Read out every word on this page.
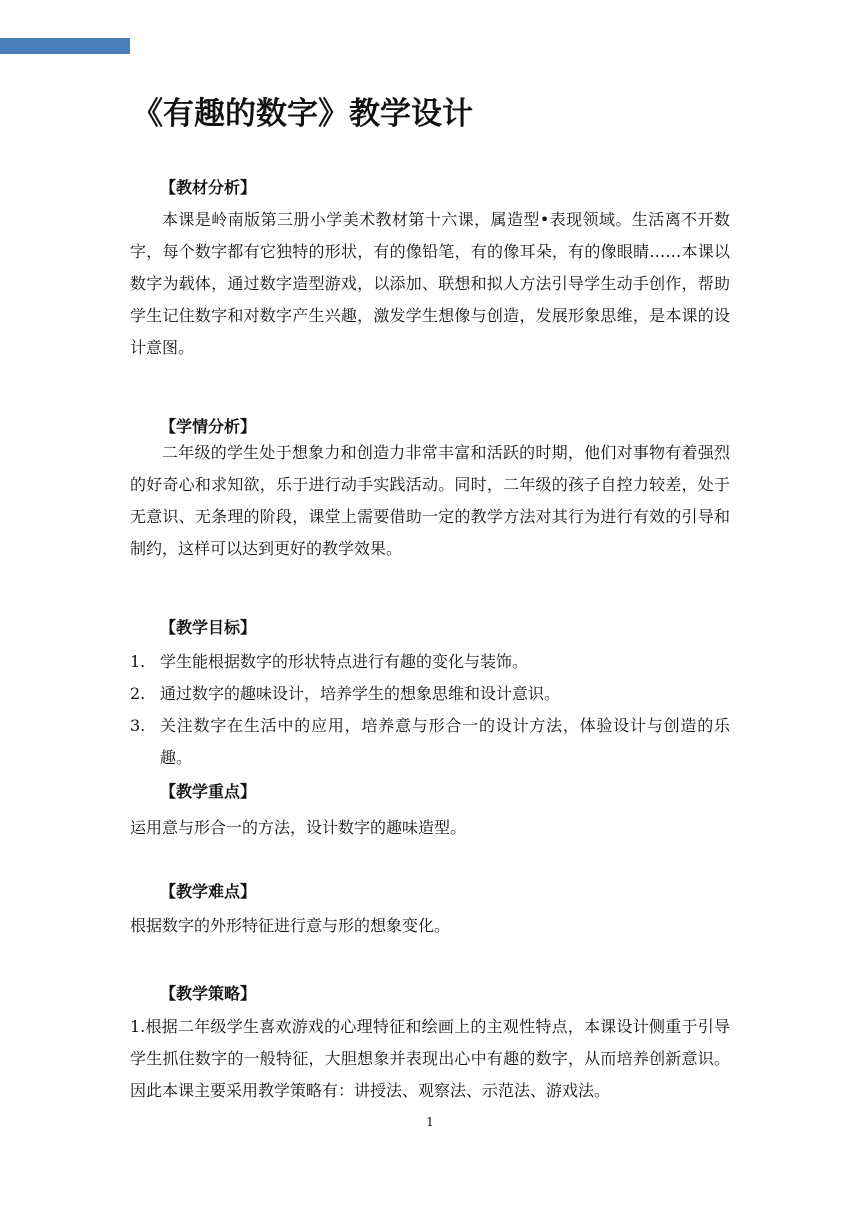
《有趣的数字》教学设计
【教材分析】

本课是岭南版第三册小学美术教材第十六课，属造型•表现领域。生活离不开数字，每个数字都有它独特的形状，有的像铅笔，有的像耳朵，有的像眼睛……本课以数字为载体，通过数字造型游戏，以添加、联想和拟人方法引导学生动手创作，帮助学生记住数字和对数字产生兴趣，激发学生想像与创造，发展形象思维，是本课的设计意图。

【学情分析】

二年级的学生处于想象力和创造力非常丰富和活跃的时期，他们对事物有着强烈的好奇心和求知欲，乐于进行动手实践活动。同时，二年级的孩子自控力较差，处于无意识、无条理的阶段，课堂上需要借助一定的教学方法对其行为进行有效的引导和制约，这样可以达到更好的教学效果。

【教学目标】
1. 学生能根据数字的形状特点进行有趣的变化与装饰。
2. 通过数字的趣味设计，培养学生的想象思维和设计意识。
3. 关注数字在生活中的应用，培养意与形合一的设计方法，体验设计与创造的乐趣。
【教学重点】

运用意与形合一的方法，设计数字的趣味造型。

【教学难点】

根据数字的外形特征进行意与形的想象变化。

【教学策略】

1.根据二年级学生喜欢游戏的心理特征和绘画上的主观性特点，本课设计侧重于引导学生抓住数字的一般特征，大胆想象并表现出心中有趣的数字，从而培养创新意识。因此本课主要采用教学策略有：讲授法、观察法、示范法、游戏法。

1
